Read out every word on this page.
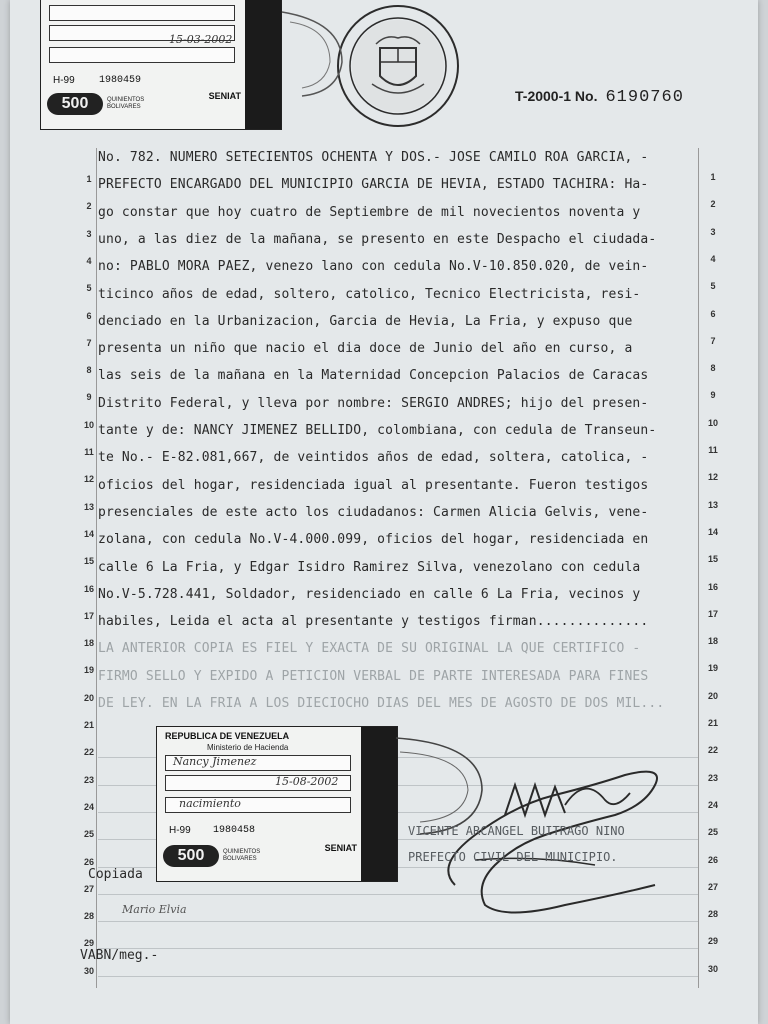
15-03-2002
H-99 1980459
500	QUINIENTOS
BOLIVARES
SENIAT	T-2000-1 No. 6190760
1
2
3
4
5
6
7
8
9
10
11
12
13
14
15
16
17
18
19
20
21
22
23
24
25
26
27
28
29
30
1
2
3
4
5
6
7
8
9
10
11
12
13
14
15
16
17
18
19
20
21
22
23
24
25
26
27
28
29
30
No. 782. NUMERO SETECIENTOS OCHENTA Y DOS.- JOSE CAMILO ROA GARCIA, -
PREFECTO ENCARGADO DEL MUNICIPIO GARCIA DE HEVIA, ESTADO TACHIRA: Ha-
go constar que hoy cuatro de Septiembre de mil novecientos noventa y
uno, a las diez de la mañana, se presento en este Despacho el ciudada-
no: PABLO MORA PAEZ, venezo lano con cedula No.V-10.850.020, de vein-
ticinco años de edad, soltero, catolico, Tecnico Electricista, resi-
denciado en la Urbanizacion, Garcia de Hevia, La Fria, y expuso que
presenta un niño que nacio el dia doce de Junio del año en curso, a
las seis de la mañana en la Maternidad Concepcion Palacios de Caracas
Distrito Federal, y lleva por nombre: SERGIO ANDRES; hijo del presen-
tante y de: NANCY JIMENEZ BELLIDO, colombiana, con cedula de Transeun-
te No.- E-82.081,667, de veintidos años de edad, soltera, catolica, -
oficios del hogar, residenciada igual al presentante. Fueron testigos
presenciales de este acto los ciudadanos: Carmen Alicia Gelvis, vene-
zolana, con cedula No.V-4.000.099, oficios del hogar, residenciada en
calle 6 La Fria, y Edgar Isidro Ramirez Silva, venezolano con cedula
No.V-5.728.441, Soldador, residenciado en calle 6 La Fria, vecinos y
habiles, Leida el acta al presentante y testigos firman..............
LA ANTERIOR COPIA ES FIEL Y EXACTA DE SU ORIGINAL LA QUE CERTIFICO -
FIRMO SELLO Y EXPIDO A PETICION VERBAL DE PARTE INTERESADA PARA FINES
DE LEY. EN LA FRIA A LOS DIECIOCHO DIAS DEL MES DE AGOSTO DE DOS MIL...
REPUBLICA DE VENEZUELA
Ministerio de Hacienda
Nancy Jimenez
15-08-2002
nacimiento
H-99 1980458
500	QUINIENTOS
BOLIVARES
SENIAT
VICENTE ARCANGEL BUITRAGO NINO
PREFECTO CIVIL DEL MUNICIPIO.
Copiada
Mario Elvia
VABN/meg.-
